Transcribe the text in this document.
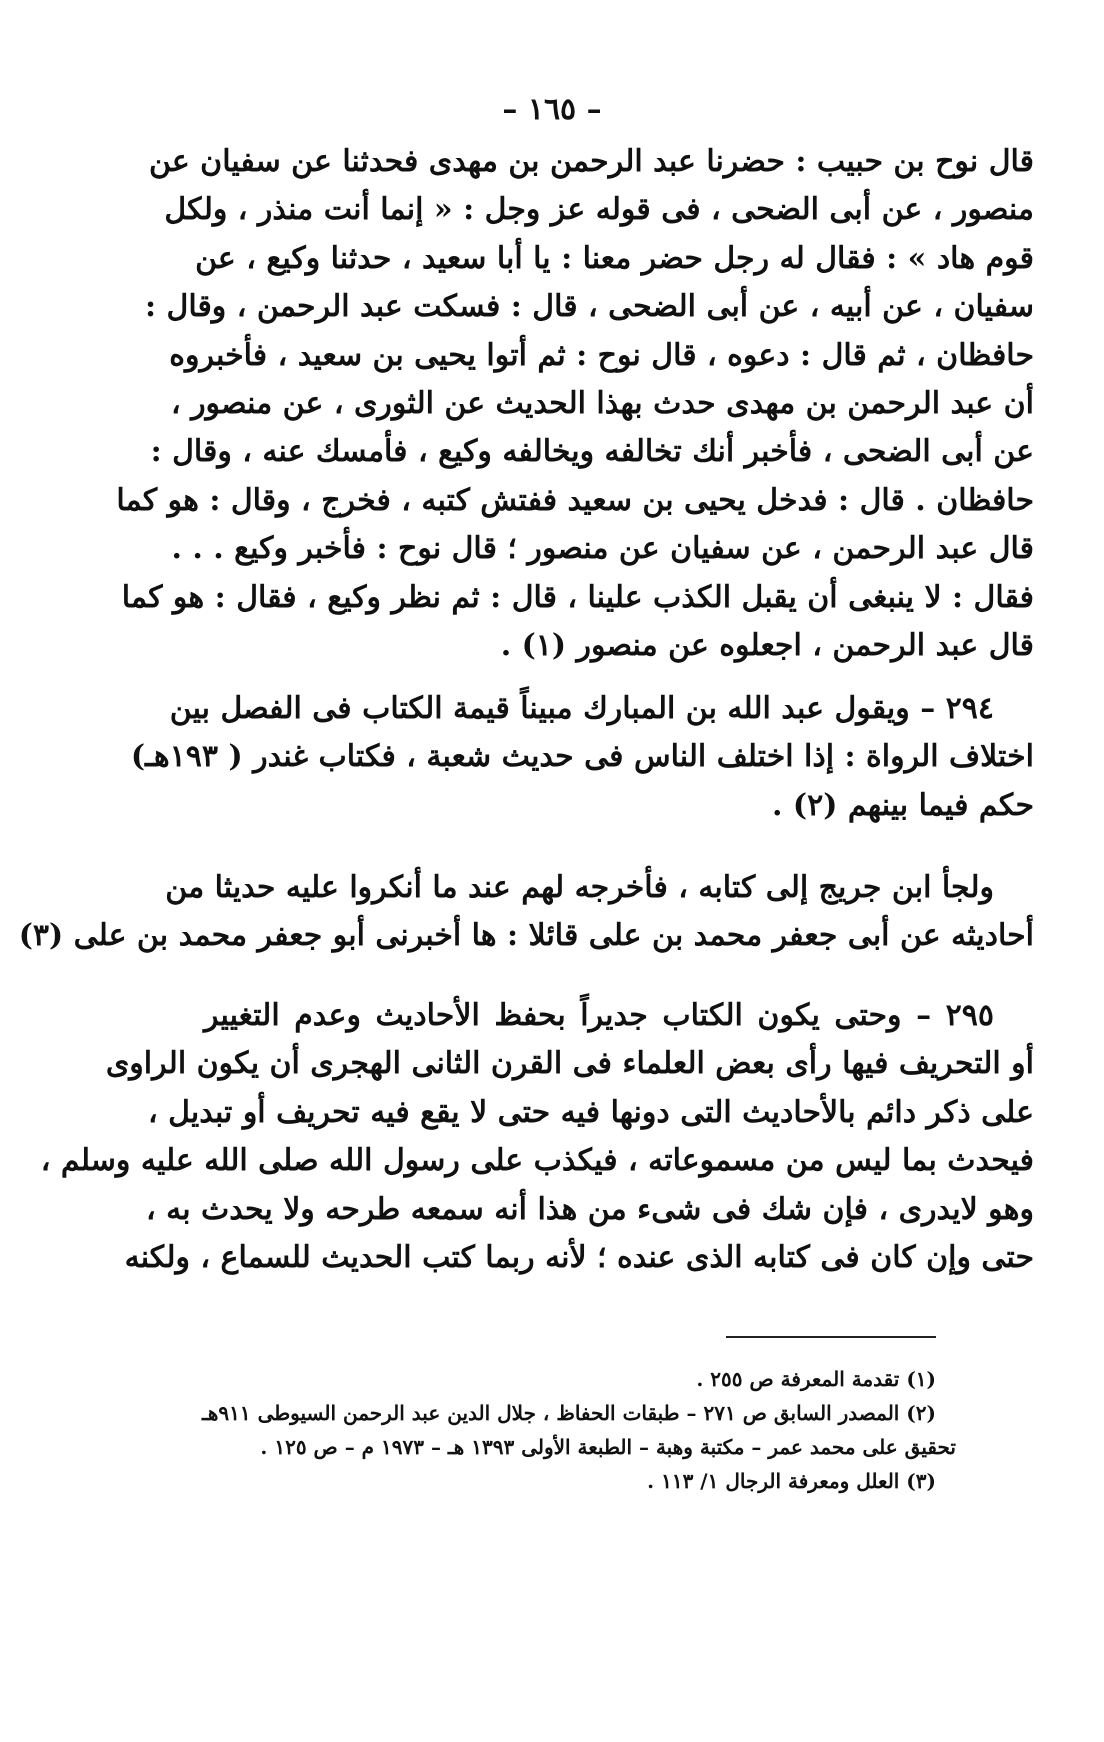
– ١٦٥ –
قال نوح بن حبيب : حضرنا عبد الرحمن بن مهدى فحدثنا عن سفيان عن
منصور ، عن أبى الضحى ، فى قوله عز وجل : « إنما أنت منذر ، ولكل
قوم هاد » : فقال له رجل حضر معنا : يا أبا سعيد ، حدثنا وكيع ، عن
سفيان ، عن أبيه ، عن أبى الضحى ، قال : فسكت عبد الرحمن ، وقال :
حافظان ، ثم قال : دعوه ، قال نوح : ثم أتوا يحيى بن سعيد ، فأخبروه
أن عبد الرحمن بن مهدى حدث بهذا الحديث عن الثورى ، عن منصور ،
عن أبى الضحى ، فأخبر أنك تخالفه ويخالفه وكيع ، فأمسك عنه ، وقال :
حافظان . قال : فدخل يحيى بن سعيد ففتش كتبه ، فخرج ، وقال : هو كما
قال عبد الرحمن ، عن سفيان عن منصور ؛ قال نوح : فأخبر وكيع . . .
فقال : لا ينبغى أن يقبل الكذب علينا ، قال : ثم نظر وكيع ، فقال : هو كما
قال عبد الرحمن ، اجعلوه عن منصور (١) .
٢٩٤ – ويقول عبد الله بن المبارك مبيناً قيمة الكتاب فى الفصل بين
اختلاف الرواة : إذا اختلف الناس فى حديث شعبة ، فكتاب غندر ( ١٩٣هـ)
حكم فيما بينهم (٢) .
ولجأ ابن جريج إلى كتابه ، فأخرجه لهم عند ما أنكروا عليه حديثا من
أحاديثه عن أبى جعفر محمد بن على قائلا : ها أخبرنى أبو جعفر محمد بن على (٣)
٢٩٥ – وحتى يكون الكتاب جديراً بحفظ الأحاديث وعدم التغيير
أو التحريف فيها رأى بعض العلماء فى القرن الثانى الهجرى أن يكون الراوى
على ذكر دائم بالأحاديث التى دونها فيه حتى لا يقع فيه تحريف أو تبديل ،
فيحدث بما ليس من مسموعاته ، فيكذب على رسول الله صلى الله عليه وسلم ،
وهو لايدرى ، فإن شك فى شىء من هذا أنه سمعه طرحه ولا يحدث به ،
حتى وإن كان فى كتابه الذى عنده ؛ لأنه ربما كتب الحديث للسماع ، ولكنه
(١) تقدمة المعرفة ص ٢٥٥ .
(٢) المصدر السابق ص ٢٧١ – طبقات الحفاظ ، جلال الدين عبد الرحمن السيوطى ٩١١هـ
تحقيق على محمد عمر – مكتبة وهبة – الطبعة الأولى ١٣٩٣ هـ – ١٩٧٣ م – ص ١٢٥ .
(٣) العلل ومعرفة الرجال ١/ ١١٣ .
